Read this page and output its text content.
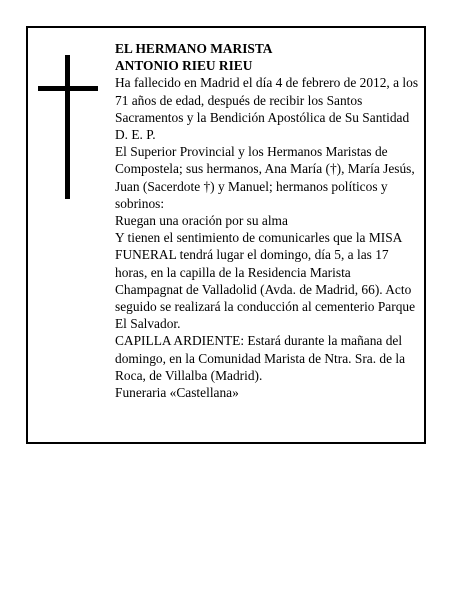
EL HERMANO MARISTA

ANTONIO RIEU RIEU

Ha fallecido en Madrid el día 4 de febrero de 2012, a los 71 años de edad, después de recibir los Santos Sacramentos y la Bendición Apostólica de Su Santidad D. E. P.

El Superior Provincial y los Hermanos Maristas de Compostela; sus hermanos, Ana María (†), María Jesús, Juan (Sacerdote †) y Manuel; hermanos políticos y sobrinos:

Ruegan una oración por su alma

Y tienen el sentimiento de comunicarles que la MISA FUNERAL tendrá lugar el domingo, día 5, a las 17 horas, en la capilla de la Residencia Marista Champagnat de Valladolid (Avda. de Madrid, 66). Acto seguido se realizará la conducción al cementerio Parque El Salvador.

CAPILLA ARDIENTE: Estará durante la mañana del domingo, en la Comunidad Marista de Ntra. Sra. de la Roca, de Villalba (Madrid).

Funeraria «Castellana»
